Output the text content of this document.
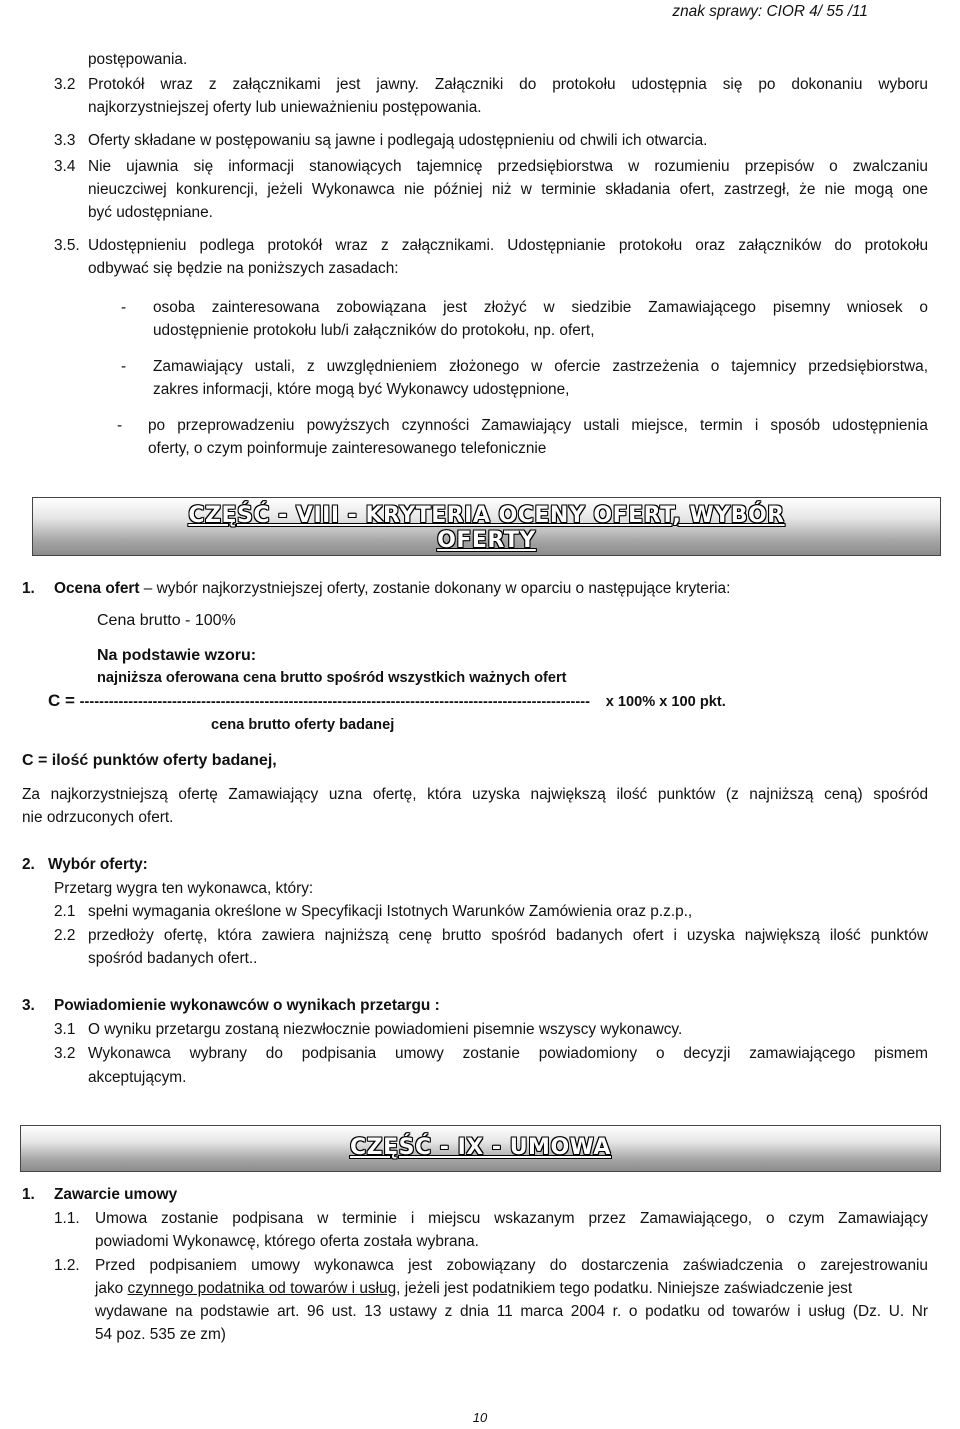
znak sprawy: CIOR 4/ 55 /11
postępowania.
3.2 Protokół wraz z załącznikami jest jawny. Załączniki do protokołu udostępnia się po dokonaniu wyboru
najkorzystniejszej oferty lub unieważnieniu postępowania.
3.3 Oferty składane w postępowaniu są jawne i podlegają udostępnieniu od chwili ich otwarcia.
3.4 Nie ujawnia się informacji stanowiących tajemnicę przedsiębiorstwa w rozumieniu przepisów o zwalczaniu
nieuczciwej konkurencji, jeżeli Wykonawca nie później niż w terminie składania ofert, zastrzegł, że nie mogą one
być udostępniane.
3.5. Udostępnieniu podlega protokół wraz z załącznikami. Udostępnianie protokołu oraz załączników do protokołu
odbywać się będzie na poniższych zasadach:
- osoba zainteresowana zobowiązana jest złożyć w siedzibie Zamawiającego pisemny wniosek o
udostępnienie protokołu lub/i załączników do protokołu, np. ofert,
- Zamawiający ustali, z uwzględnieniem złożonego w ofercie zastrzeżenia o tajemnicy przedsiębiorstwa,
zakres informacji, które mogą być Wykonawcy udostępnione,
- po przeprowadzeniu powyższych czynności Zamawiający ustali miejsce, termin i sposób udostępnienia
oferty, o czym poinformuje zainteresowanego telefonicznie
CZĘŚĆ - VIII - KRYTERIA OCENY OFERT, WYBÓR
OFERTY
1. Ocena ofert – wybór najkorzystniejszej oferty, zostanie dokonany w oparciu o następujące kryteria:
Cena brutto - 100%
Na podstawie wzoru:
najniższa oferowana cena brutto spośród wszystkich ważnych ofert
C = --------------------------------------------------------------------------------------------------------- x 100% x 100 pkt.
cena brutto oferty badanej
C = ilość punktów oferty badanej,
Za najkorzystniejszą ofertę Zamawiający uzna ofertę, która uzyska największą ilość punktów (z najniższą ceną) spośród
nie odrzuconych ofert.
2. Wybór oferty:
Przetarg wygra ten wykonawca, który:
2.1 spełni wymagania określone w Specyfikacji Istotnych Warunków Zamówienia oraz p.z.p.,
2.2 przedłoży ofertę, która zawiera najniższą cenę brutto spośród badanych ofert i uzyska największą ilość punktów
spośród badanych ofert..
3. Powiadomienie wykonawców o wynikach przetargu :
3.1 O wyniku przetargu zostaną niezwłocznie powiadomieni pisemnie wszyscy wykonawcy.
3.2 Wykonawca wybrany do podpisania umowy zostanie powiadomiony o decyzji zamawiającego pismem
akceptującym.
CZĘŚĆ - IX - UMOWA
1. Zawarcie umowy
1.1. Umowa zostanie podpisana w terminie i miejscu wskazanym przez Zamawiającego, o czym Zamawiający
powiadomi Wykonawcę, którego oferta została wybrana.
1.2. Przed podpisaniem umowy wykonawca jest zobowiązany do dostarczenia zaświadczenia o zarejestrowaniu
jako czynnego podatnika od towarów i usług, jeżeli jest podatnikiem tego podatku. Niniejsze zaświadczenie jest
wydawane na podstawie art. 96 ust. 13 ustawy z dnia 11 marca 2004 r. o podatku od towarów i usług (Dz. U. Nr
54 poz. 535 ze zm)
10
